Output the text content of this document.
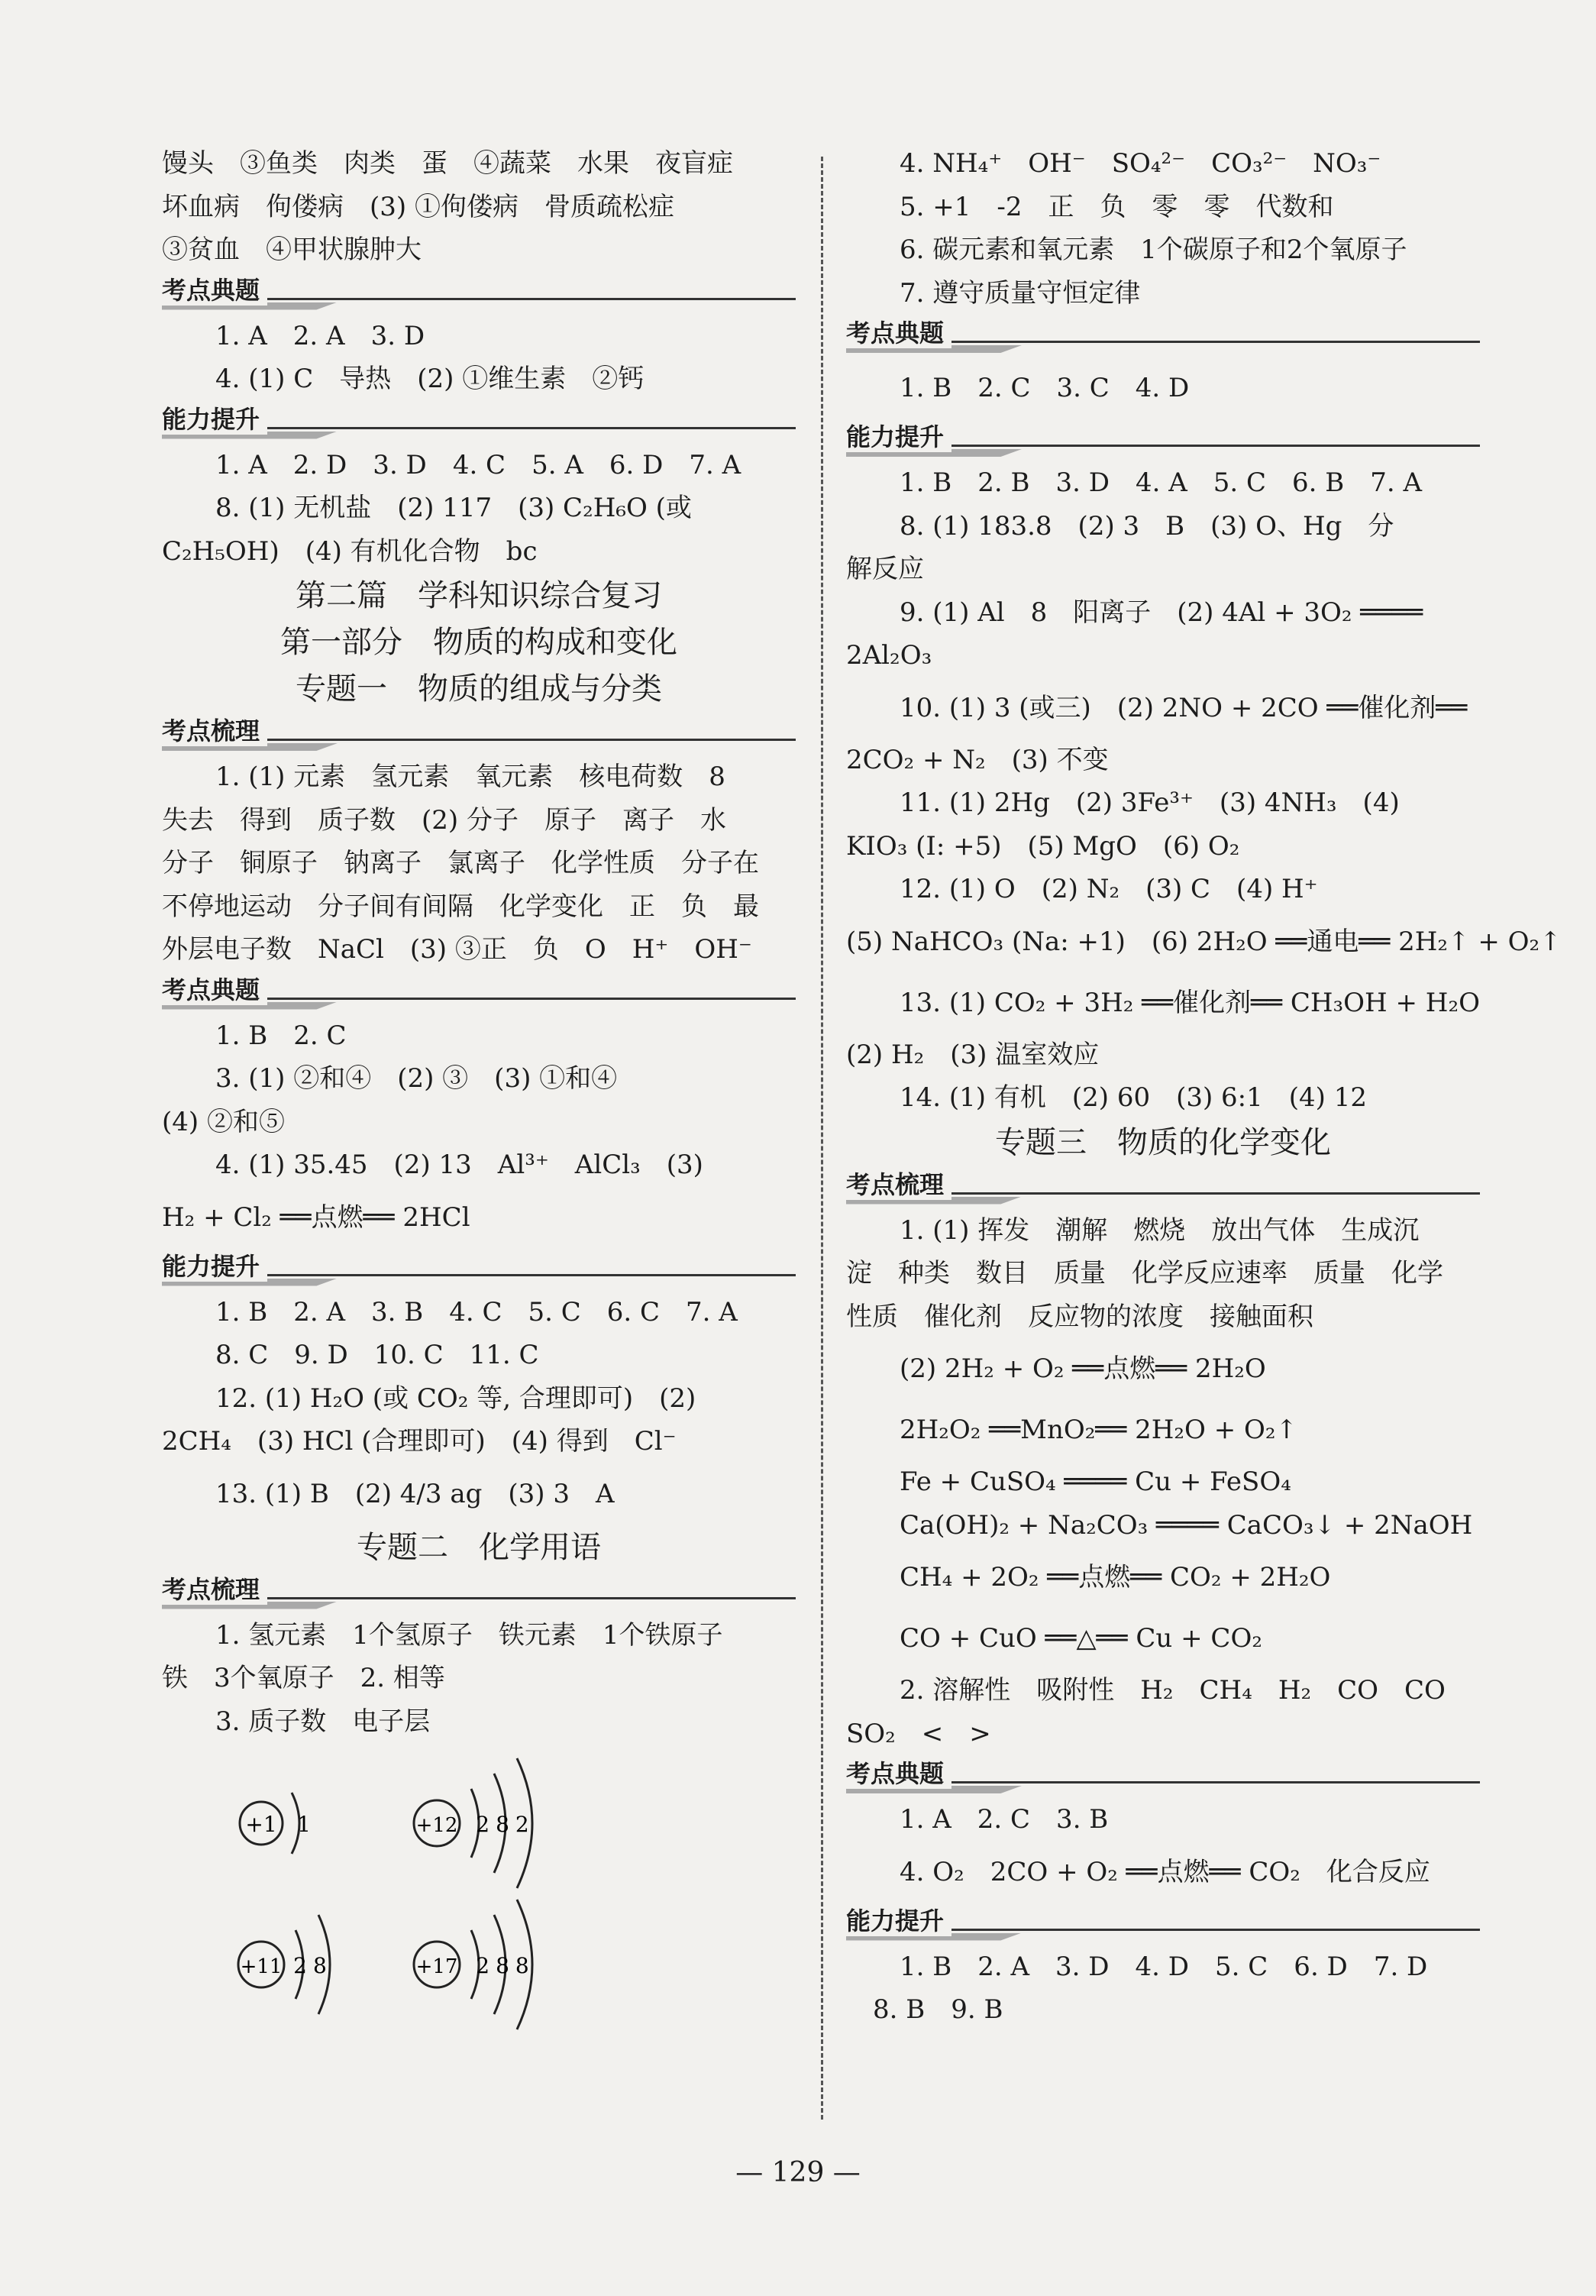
馒头　③鱼类　肉类　蛋　④蔬菜　水果　夜盲症
坏血病　佝偻病　(3) ①佝偻病　骨质疏松症
③贫血　④甲状腺肿大
考点典题
1. A　2. A　3. D
4. (1) C　导热　(2) ①维生素　②钙
能力提升
1. A　2. D　3. D　4. C　5. A　6. D　7. A
8. (1) 无机盐　(2) 117　(3) C₂H₆O (或
C₂H₅OH)　(4) 有机化合物　bc
第二篇　学科知识综合复习
第一部分　物质的构成和变化
专题一　物质的组成与分类
考点梳理
1. (1) 元素　氢元素　氧元素　核电荷数　8
失去　得到　质子数　(2) 分子　原子　离子　水
分子　铜原子　钠离子　氯离子　化学性质　分子在
不停地运动　分子间有间隔　化学变化　正　负　最
外层电子数　NaCl　(3) ③正　负　O　H⁺　OH⁻
考点典题
1. B　2. C
3. (1) ②和④　(2) ③　(3) ①和④
(4) ②和⑤
4. (1) 35.45　(2) 13　Al³⁺　AlCl₃　(3)
H₂ + Cl₂ ══点燃══ 2HCl
能力提升
1. B　2. A　3. B　4. C　5. C　6. C　7. A
8. C　9. D　10. C　11. C
12. (1) H₂O (或 CO₂ 等, 合理即可)　(2)
2CH₄　(3) HCl (合理即可)　(4) 得到　Cl⁻
13. (1) B　(2) 4/3 ag　(3) 3　A
专题二　化学用语
考点梳理
1. 氢元素　1个氢原子　铁元素　1个铁原子
铁　3个氧原子　2. 相等
3. 质子数　电子层
+1 1	+12 282
+11 28	+17 288
4. NH₄⁺　OH⁻　SO₄²⁻　CO₃²⁻　NO₃⁻
5. +1　-2　正　负　零　零　代数和
6. 碳元素和氧元素　1个碳原子和2个氧原子
7. 遵守质量守恒定律
考点典题
1. B　2. C　3. C　4. D
能力提升
1. B　2. B　3. D　4. A　5. C　6. B　7. A
8. (1) 183.8　(2) 3　B　(3) O、Hg　分
解反应
9. (1) Al　8　阳离子　(2) 4Al + 3O₂ ════
2Al₂O₃
10. (1) 3 (或三)　(2) 2NO + 2CO ══催化剂══
2CO₂ + N₂　(3) 不变
11. (1) 2Hg　(2) 3Fe³⁺　(3) 4NH₃　(4)
KIO₃ (I: +5)　(5) MgO　(6) O₂
12. (1) O　(2) N₂　(3) C　(4) H⁺
(5) NaHCO₃ (Na: +1)　(6) 2H₂O ══通电══ 2H₂↑ + O₂↑
13. (1) CO₂ + 3H₂ ══催化剂══ CH₃OH + H₂O
(2) H₂　(3) 温室效应
14. (1) 有机　(2) 60　(3) 6:1　(4) 12
专题三　物质的化学变化
考点梳理
1. (1) 挥发　潮解　燃烧　放出气体　生成沉
淀　种类　数目　质量　化学反应速率　质量　化学
性质　催化剂　反应物的浓度　接触面积
(2) 2H₂ + O₂ ══点燃══ 2H₂O
2H₂O₂ ══MnO₂══ 2H₂O + O₂↑
Fe + CuSO₄ ════ Cu + FeSO₄
Ca(OH)₂ + Na₂CO₃ ════ CaCO₃↓ + 2NaOH
CH₄ + 2O₂ ══点燃══ CO₂ + 2H₂O
CO + CuO ══△══ Cu + CO₂
2. 溶解性　吸附性　H₂　CH₄　H₂　CO　CO
SO₂　<　>
考点典题
1. A　2. C　3. B
4. O₂　2CO + O₂ ══点燃══ CO₂　化合反应
能力提升
1. B　2. A　3. D　4. D　5. C　6. D　7. D
8. B　9. B
— 129 —
